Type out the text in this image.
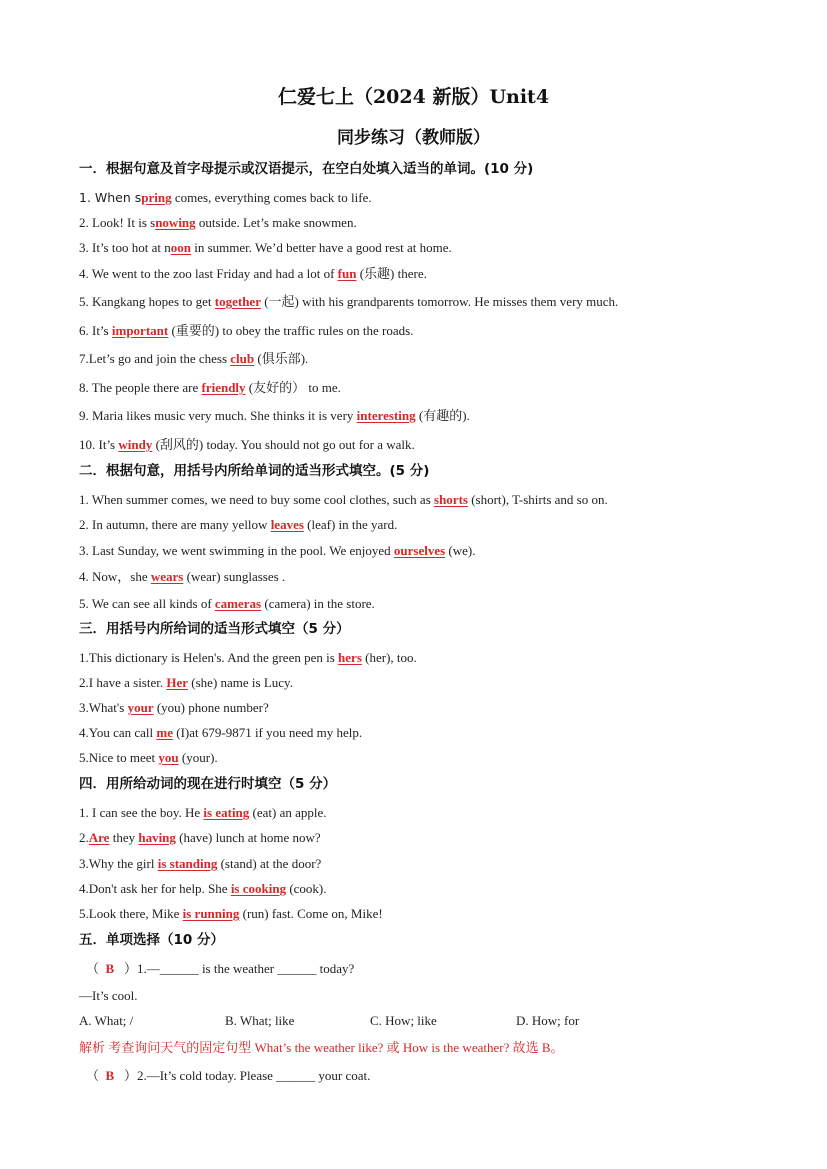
仁爱七上（2024 新版）Unit4
同步练习（教师版）
一．根据句意及首字母提示或汉语提示，在空白处填入适当的单词。(10 分)
1. When spring comes, everything comes back to life.
2. Look! It is snowing outside. Let’s make snowmen.
3. It’s too hot at noon in summer. We’d better have a good rest at home.
4. We went to the zoo last Friday and had a lot of fun (乐趣) there.
5. Kangkang hopes to get together (一起) with his grandparents tomorrow. He misses them very much.
6. It’s important (重要的) to obey the traffic rules on the roads.
7.Let’s go and join the chess club (俱乐部).
8. The people there are friendly (友好的） to me.
9. Maria likes music very much. She thinks it is very interesting (有趣的).
10. It’s windy (刮风的) today. You should not go out for a walk.
二．根据句意，用括号内所给单词的适当形式填空。(5 分)
1. When summer comes, we need to buy some cool clothes, such as shorts (short), T-shirts and so on.
2. In autumn, there are many yellow leaves (leaf) in the yard.
3. Last Sunday, we went swimming in the pool. We enjoyed ourselves (we).
4. Now，she wears (wear) sunglasses .
5. We can see all kinds of cameras (camera) in the store.
三．用括号内所给词的适当形式填空（5 分）
1.This dictionary is Helen's. And the green pen is hers (her), too.
2.I have a sister. Her (she) name is Lucy.
3.What's your (you) phone number?
4.You can call me (I)at 679-9871 if you need my help.
5.Nice to meet you (your).
四．用所给动词的现在进行时填空（5 分）
1. I can see the boy. He is eating (eat) an apple.
2.Are they having (have) lunch at home now?
3.Why the girl is standing (stand) at the door?
4.Don't ask her for help. She is cooking (cook).
5.Look there, Mike is running (run) fast. Come on, Mike!
五．单项选择（10 分）
（ B ）1.—______ is the weather ______ today?
—It’s cool.
A. What; /	B. What; like	C. How; like	D. How; for
解析 考查询问天气的固定句型 What’s the weather like? 或 How is the weather? 故选 B。
（ B ）2.—It’s cold today. Please ______ your coat.
